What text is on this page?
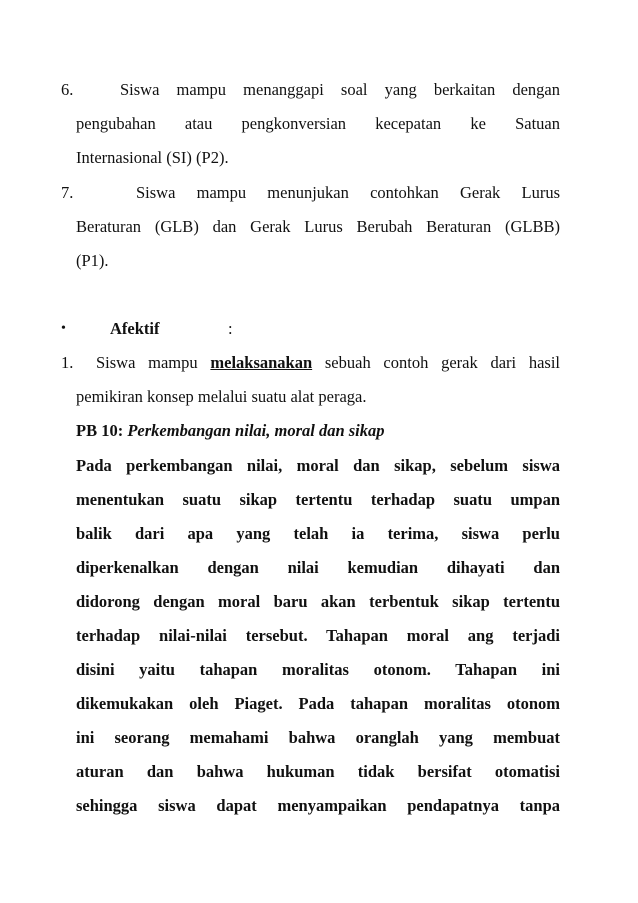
6.	Siswa mampu menanggapi soal yang berkaitan dengan
pengubahan atau pengkonversian kecepatan ke Satuan
Internasional (SI) (P2).
7.	Siswa mampu menunjukan contohkan Gerak Lurus
Beraturan (GLB) dan Gerak Lurus Berubah Beraturan (GLBB)
(P1).
•	Afektif	:
1. Siswa mampu melaksanakan sebuah contoh gerak dari hasil
pemikiran konsep melalui suatu alat peraga.
PB 10: Perkembangan nilai, moral dan sikap
Pada perkembangan nilai, moral dan sikap, sebelum siswa
menentukan suatu sikap tertentu terhadap suatu umpan
balik dari apa yang telah ia terima, siswa perlu
diperkenalkan dengan nilai kemudian dihayati dan
didorong dengan moral baru akan terbentuk sikap tertentu
terhadap nilai-nilai tersebut. Tahapan moral ang terjadi
disini yaitu tahapan moralitas otonom. Tahapan ini
dikemukakan oleh Piaget. Pada tahapan moralitas otonom
ini seorang memahami bahwa oranglah yang membuat
aturan dan bahwa hukuman tidak bersifat otomatisi
sehingga siswa dapat menyampaikan pendapatnya tanpa
